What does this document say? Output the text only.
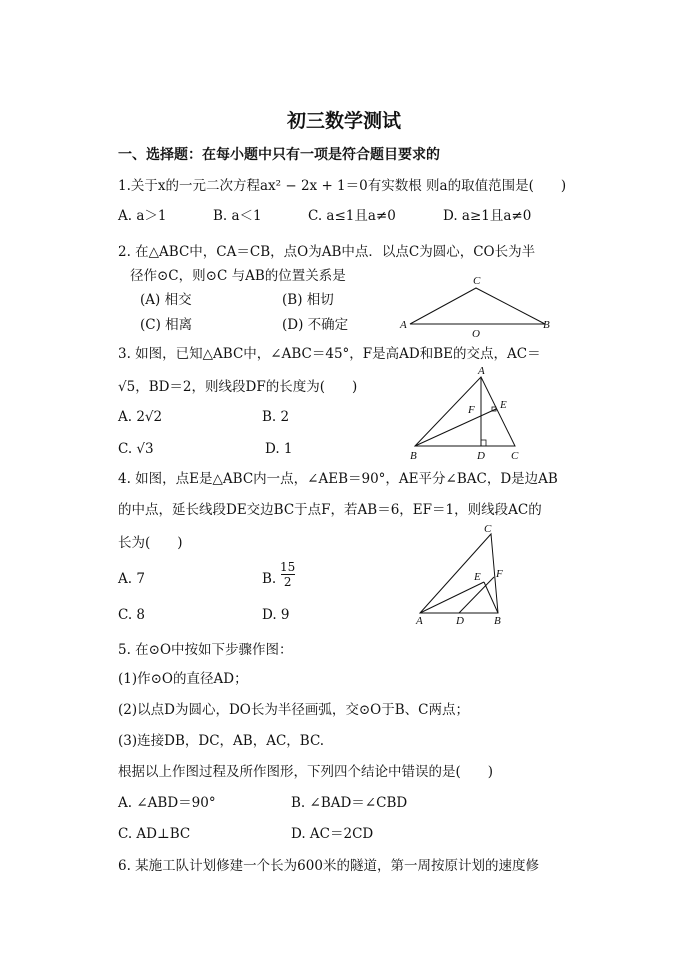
初三数学测试
一、选择题：在每小题中只有一项是符合题目要求的
1.关于x的一元二次方程ax² − 2x + 1＝0有实数根 则a的取值范围是(　　)
A. a＞1	B. a＜1	C. a≤1且a≠0	D. a≥1且a≠0
2. 在△ABC中，CA＝CB，点O为AB中点．以点C为圆心，CO长为半
径作⊙C，则⊙C 与AB的位置关系是
(A) 相交	(B) 相切
(C) 相离	(D) 不确定
C
A	B
O
3. 如图，已知△ABC中，∠ABC＝45°，F是高AD和BE的交点，AC＝
√5，BD＝2，则线段DF的长度为(　　)
A. 2√2	B. 2
C. √3	D. 1
A
E
F
B	D C
4. 如图，点E是△ABC内一点，∠AEB＝90°，AE平分∠BAC，D是边AB
的中点，延长线段DE交边BC于点F，若AB＝6，EF＝1，则线段AC的
长为(　　)
A. 7	B.
15
2
C. 8	D. 9
C
E F
A	D	B
5. 在⊙O中按如下步骤作图：
(1)作⊙O的直径AD；
(2)以点D为圆心，DO长为半径画弧，交⊙O于B、C两点；
(3)连接DB，DC，AB，AC，BC.
根据以上作图过程及所作图形，下列四个结论中错误的是(　　)
A. ∠ABD＝90°	B. ∠BAD＝∠CBD
C. AD⊥BC	D. AC＝2CD
6. 某施工队计划修建一个长为600米的隧道，第一周按原计划的速度修
